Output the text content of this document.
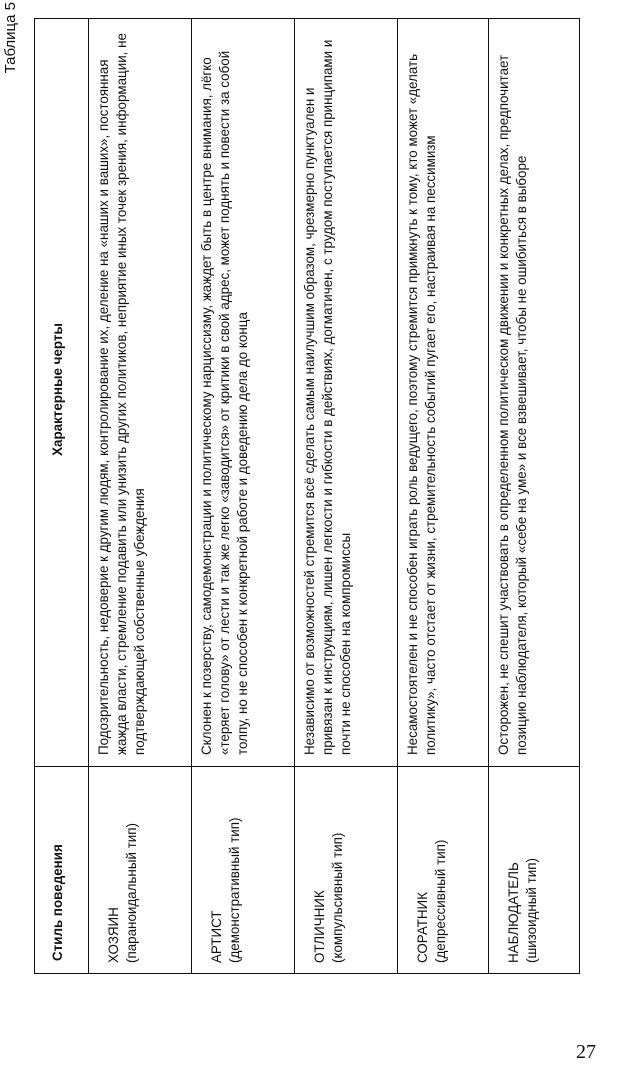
Таблица 5
Стиль поведения	Характерные черты

ХОЗЯИН (параноидальный тип)	Подозрительность, недоверие к другим людям, контролирование их, деление на «наших и ваших», постоянная жажда власти, стремление подавить или унизить других политиков, неприятие иных точек зрения, информации, не подтверждающей собственные убеждения

АРТИСТ (демонстративный тип)	Склонен к позерству, самодемонстрации и политическому нарциссизму, жаждет быть в центре внимания, лёгко «теряет голову» от лести и так же легко «заводится» от критики в свой адрес, может поднять и повести за собой толпу, но не способен к конкретной работе и доведению дела до конца

ОТЛИЧНИК (компульсивный тип)	Независимо от возможностей стремится всё сделать самым наилучшим образом, чрезмерно пунктуален и привязан к инструкциям, лишен легкости и гибкости в действиях, догматичен, с трудом поступается принципами и почти не способен на компромиссы

СОРАТНИК (депрессивный тип)	Несамостоятелен и не способен играть роль ведущего, поэтому стремится примкнуть к тому, кто может «делать политику», часто отстает от жизни, стремительность событий пугает его, настраивая на пессимизм

НАБЛЮДАТЕЛЬ (шизоидный тип)	Осторожен, не спешит участвовать в определенном политическом движении и конкретных делах, предпочитает позицию наблюдателя, который «себе на уме» и все взвешивает, чтобы не ошибиться в выборе
27
